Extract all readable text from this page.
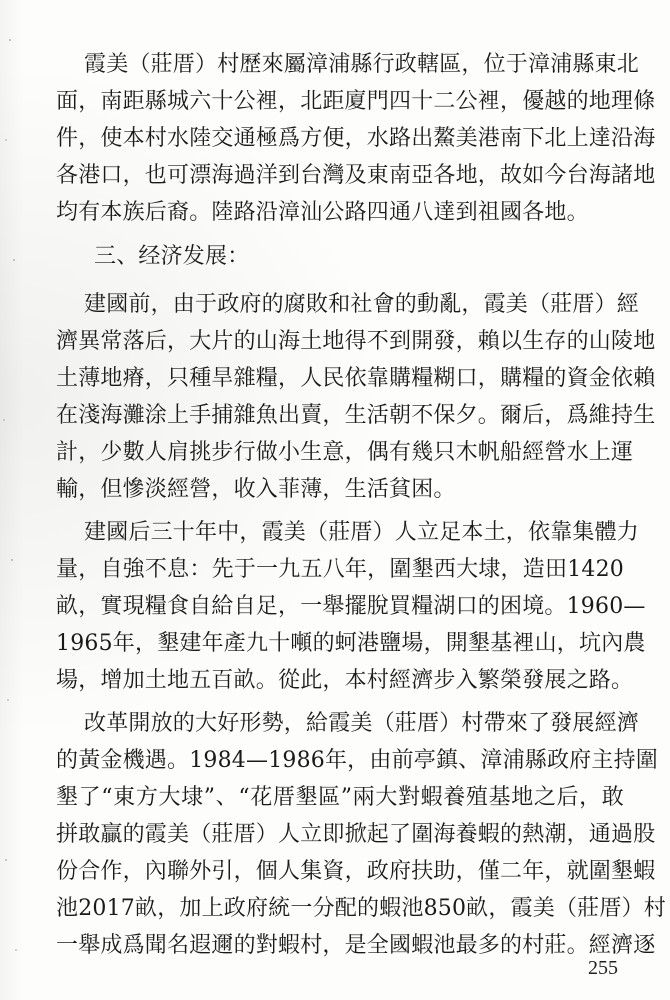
霞美（莊厝）村歷來屬漳浦縣行政轄區，位于漳浦縣東北
面，南距縣城六十公裡，北距廈門四十二公裡，優越的地理條
件，使本村水陸交通極爲方便，水路出鰲美港南下北上達沿海
各港口，也可漂海過洋到台灣及東南亞各地，故如今台海諸地
均有本族后裔。陸路沿漳汕公路四通八達到祖國各地。
三、经济发展：
建國前，由于政府的腐敗和社會的動亂，霞美（莊厝）經
濟異常落后，大片的山海土地得不到開發，賴以生存的山陵地
土薄地瘠，只種旱雜糧，人民依靠購糧糊口，購糧的資金依賴
在淺海灘涂上手捕雜魚出賣，生活朝不保夕。爾后，爲維持生
計，少數人肩挑步行做小生意，偶有幾只木帆船經營水上運
輸，但慘淡經營，收入菲薄，生活貧困。
建國后三十年中，霞美（莊厝）人立足本土，依靠集體力
量，自強不息：先于一九五八年，圍墾西大埭，造田1420
畝，實現糧食自給自足，一舉擺脫買糧湖口的困境。1960—
1965年，墾建年產九十噸的蚵港鹽場，開墾基裡山，坑內農
場，增加土地五百畝。從此，本村經濟步入繁榮發展之路。
改革開放的大好形勢，給霞美（莊厝）村帶來了發展經濟
的黃金機遇。1984—1986年，由前亭鎮、漳浦縣政府主持圍
墾了“東方大埭”、“花厝墾區”兩大對蝦養殖基地之后，敢
拼敢贏的霞美（莊厝）人立即掀起了圍海養蝦的熱潮，通過股
份合作，內聯外引，個人集資，政府扶助，僅二年，就圍墾蝦
255
池2017畝，加上政府統一分配的蝦池850畝，霞美（莊厝）村
一舉成爲聞名遐邇的對蝦村，是全國蝦池最多的村莊。經濟逐
